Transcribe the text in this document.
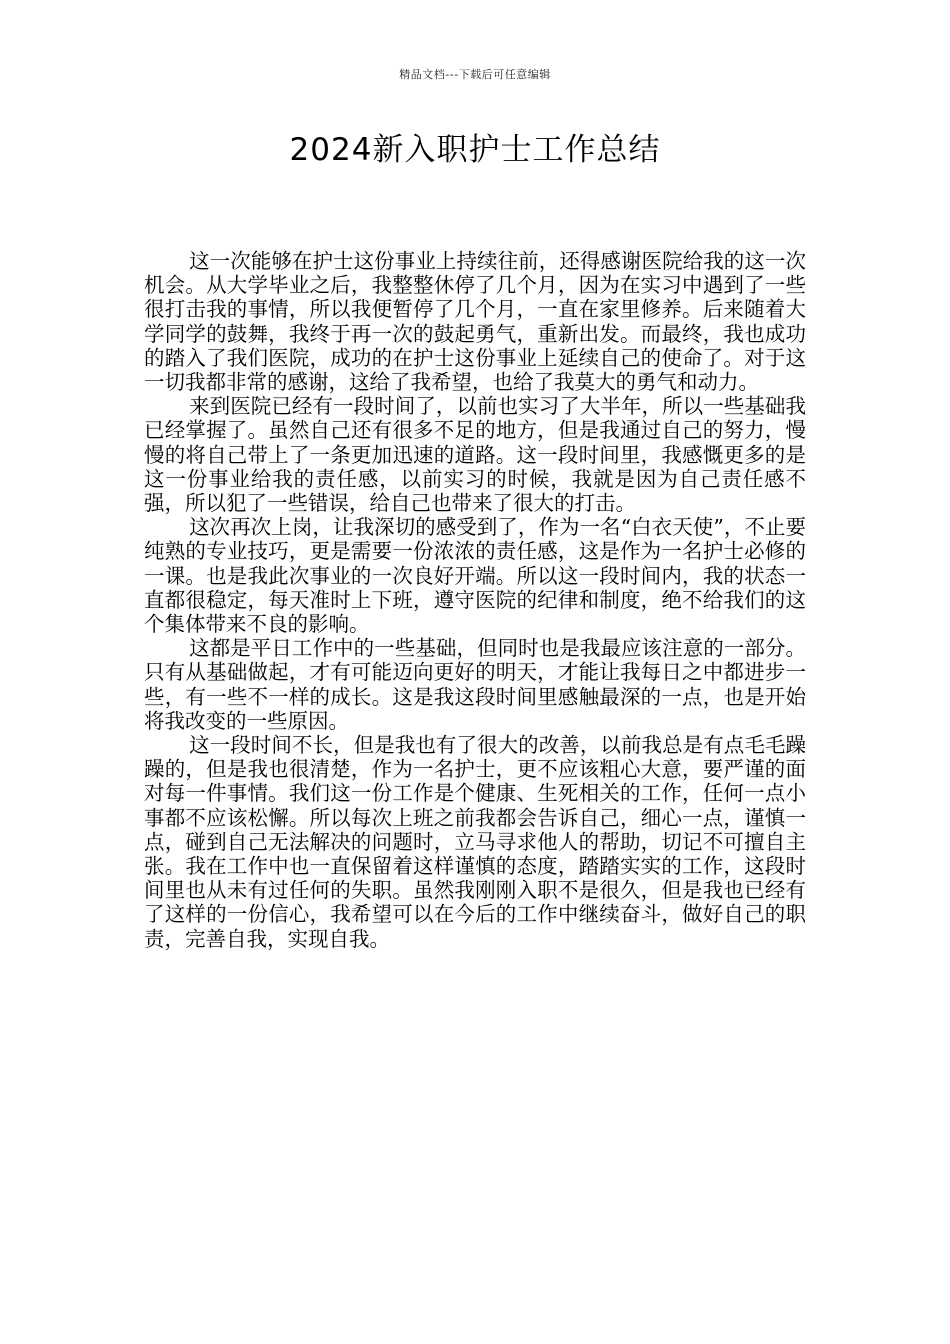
精品文档---下载后可任意编辑
2024新入职护士工作总结

这一次能够在护士这份事业上持续往前，还得感谢医院给我的这一次机会。从大学毕业之后，我整整休停了几个月，因为在实习中遇到了一些很打击我的事情，所以我便暂停了几个月，一直在家里修养。后来随着大学同学的鼓舞，我终于再一次的鼓起勇气，重新出发。而最终，我也成功的踏入了我们医院，成功的在护士这份事业上延续自己的使命了。对于这一切我都非常的感谢，这给了我希望，也给了我莫大的勇气和动力。

来到医院已经有一段时间了，以前也实习了大半年，所以一些基础我已经掌握了。虽然自己还有很多不足的地方，但是我通过自己的努力，慢慢的将自己带上了一条更加迅速的道路。这一段时间里，我感慨更多的是这一份事业给我的责任感，以前实习的时候，我就是因为自己责任感不强，所以犯了一些错误，给自己也带来了很大的打击。

这次再次上岗，让我深切的感受到了，作为一名“白衣天使”，不止要纯熟的专业技巧，更是需要一份浓浓的责任感，这是作为一名护士必修的一课。也是我此次事业的一次良好开端。所以这一段时间内，我的状态一直都很稳定，每天准时上下班，遵守医院的纪律和制度，绝不给我们的这个集体带来不良的影响。

这都是平日工作中的一些基础，但同时也是我最应该注意的一部分。只有从基础做起，才有可能迈向更好的明天，才能让我每日之中都进步一些，有一些不一样的成长。这是我这段时间里感触最深的一点，也是开始将我改变的一些原因。

这一段时间不长，但是我也有了很大的改善，以前我总是有点毛毛躁躁的，但是我也很清楚，作为一名护士，更不应该粗心大意，要严谨的面对每一件事情。我们这一份工作是个健康、生死相关的工作，任何一点小事都不应该松懈。所以每次上班之前我都会告诉自己，细心一点，谨慎一点，碰到自己无法解决的问题时，立马寻求他人的帮助，切记不可擅自主张。我在工作中也一直保留着这样谨慎的态度，踏踏实实的工作，这段时间里也从未有过任何的失职。虽然我刚刚入职不是很久，但是我也已经有了这样的一份信心，我希望可以在今后的工作中继续奋斗，做好自己的职责，完善自我，实现自我。
